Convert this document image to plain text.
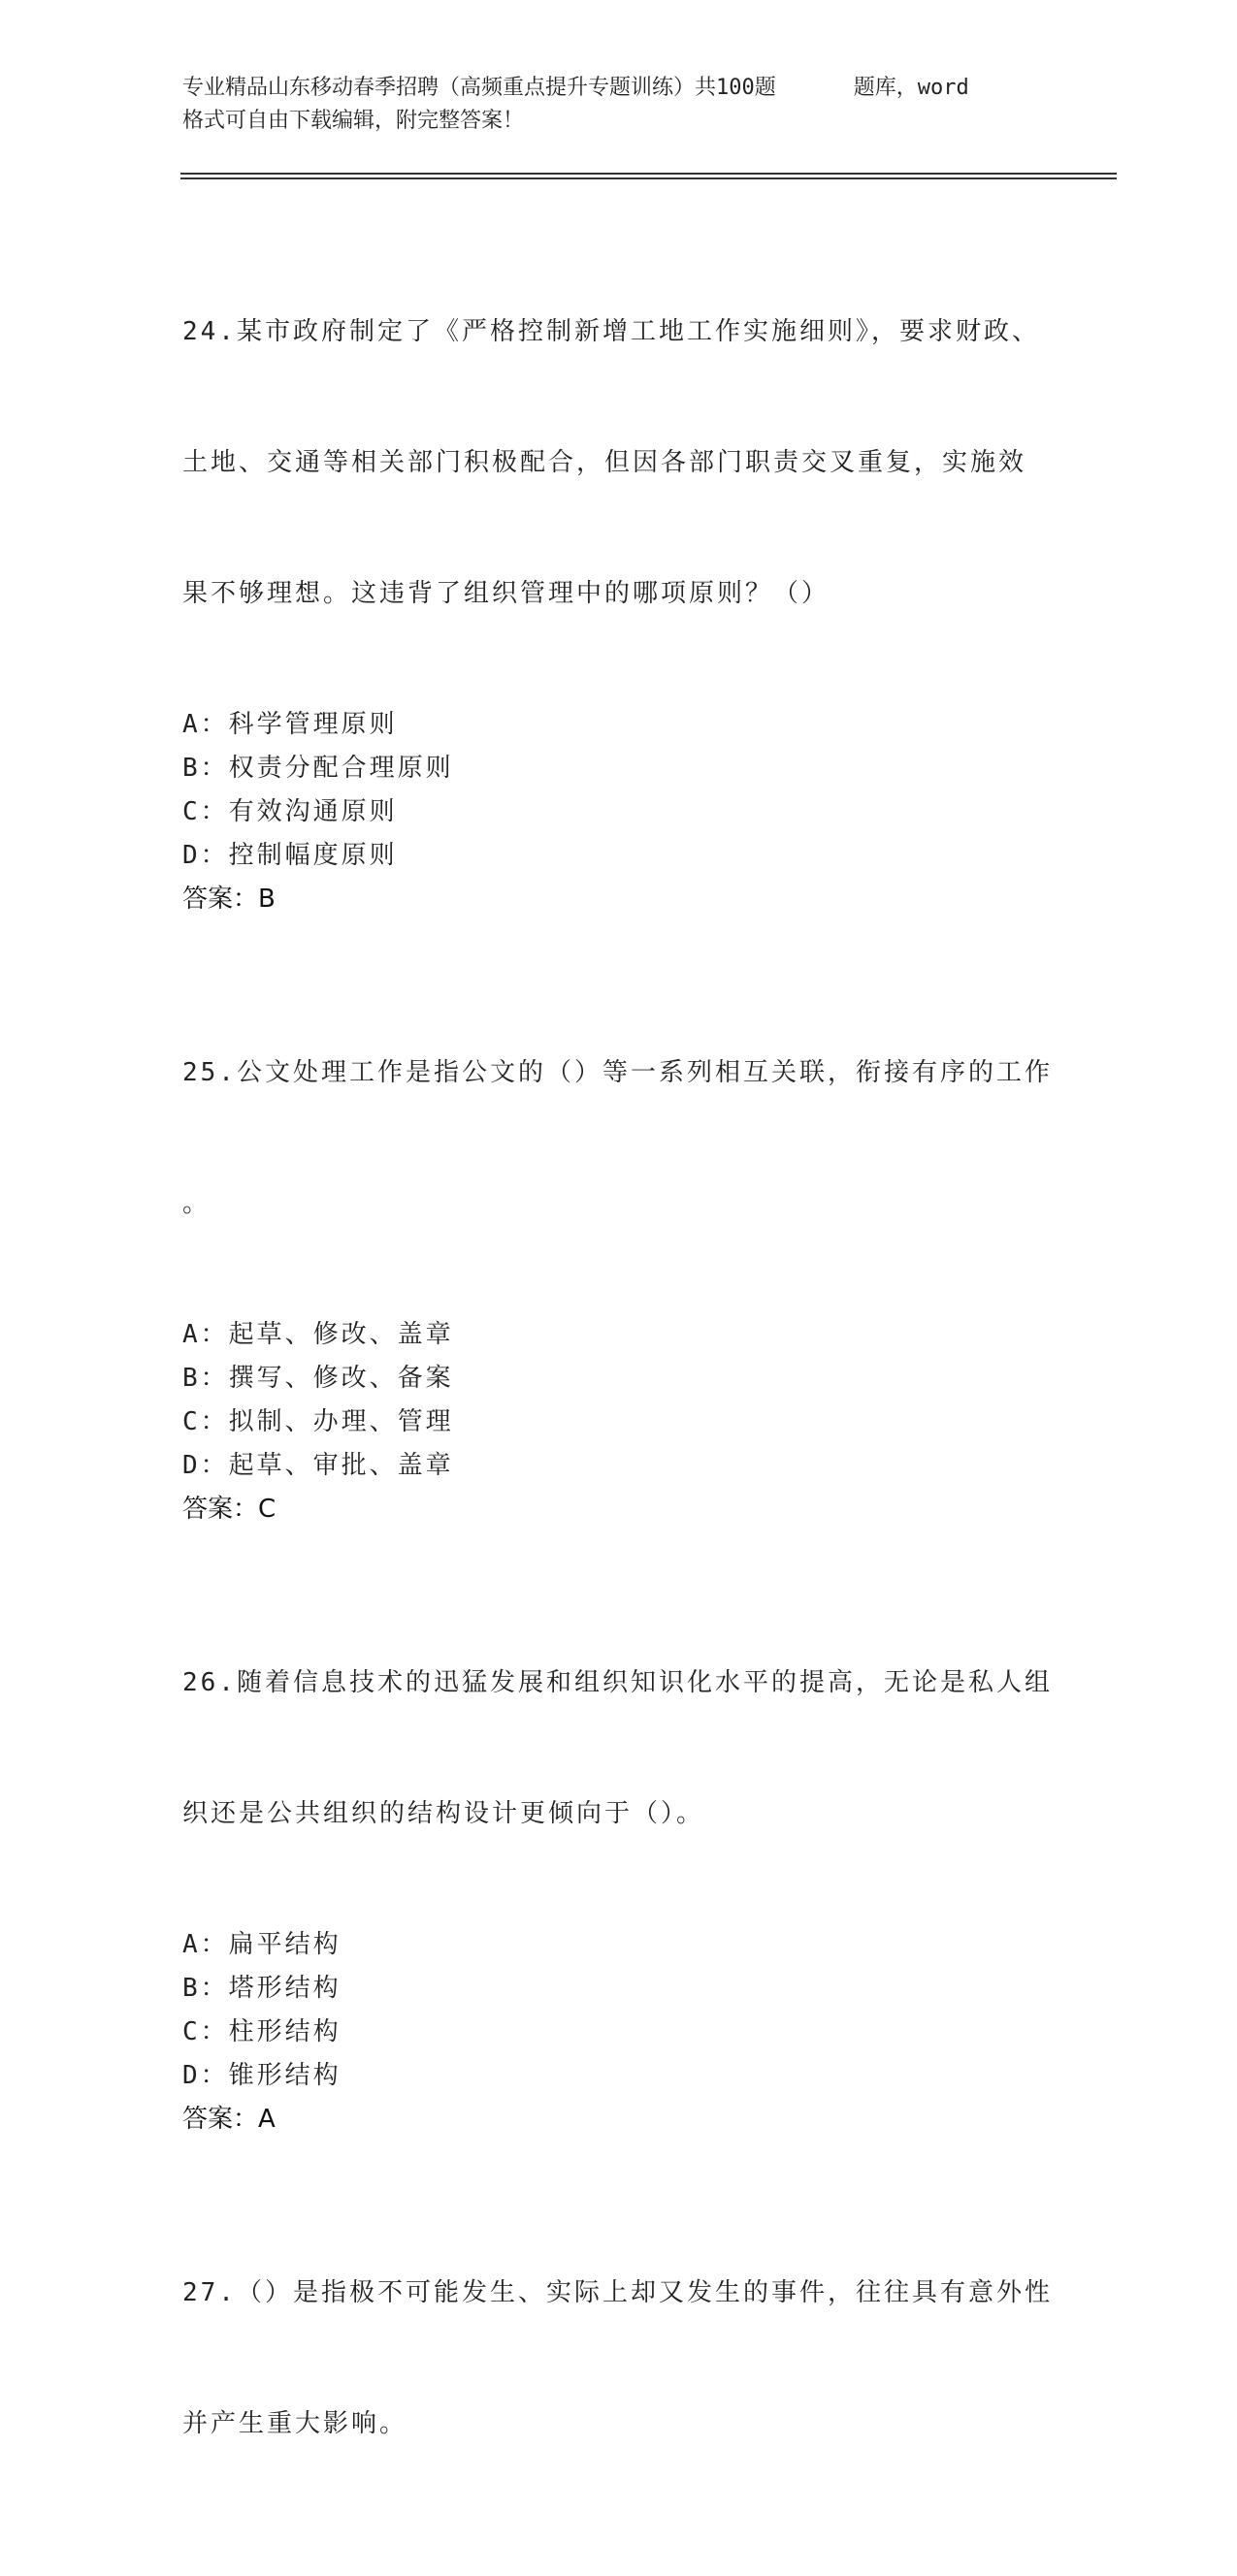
专业精品山东移动春季招聘（高频重点提升专题训练）共100题	题库，word
格式可自由下载编辑，附完整答案！

24.某市政府制定了《严格控制新增工地工作实施细则》，要求财政、

土地、交通等相关部门积极配合，但因各部门职责交叉重复，实施效

果不够理想。这违背了组织管理中的哪项原则？（）

A：科学管理原则
B：权责分配合理原则
C：有效沟通原则
D：控制幅度原则
答案：B

25.公文处理工作是指公文的（）等一系列相互关联，衔接有序的工作

。

A：起草、修改、盖章
B：撰写、修改、备案
C：拟制、办理、管理
D：起草、审批、盖章
答案：C

26.随着信息技术的迅猛发展和组织知识化水平的提高，无论是私人组

织还是公共组织的结构设计更倾向于（）。

A：扁平结构
B：塔形结构
C：柱形结构
D：锥形结构
答案：A

27.（）是指极不可能发生、实际上却又发生的事件，往往具有意外性

并产生重大影响。
